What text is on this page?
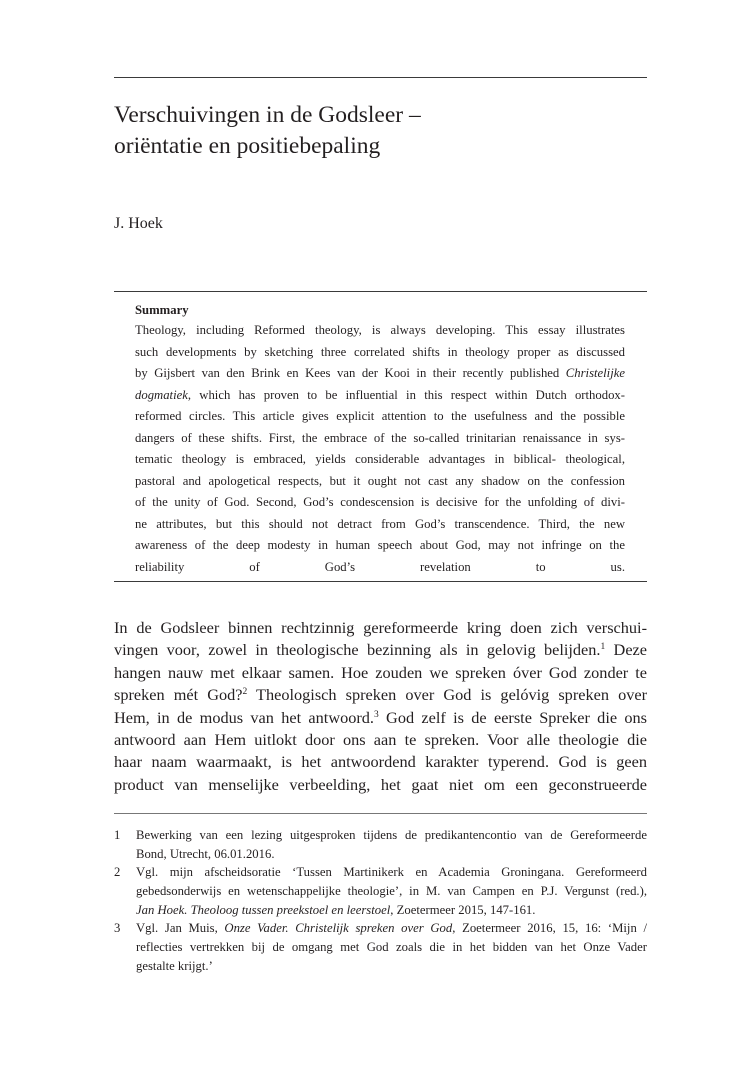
Verschuivingen in de Godsleer –
oriëntatie en positiebepaling
J. Hoek
Summary
Theology, including Reformed theology, is always developing. This essay illustrates
such developments by sketching three correlated shifts in theology proper as discussed
by Gijsbert van den Brink en Kees van der Kooi in their recently published Christelijke
dogmatiek, which has proven to be influential in this respect within Dutch orthodox-
reformed circles. This article gives explicit attention to the usefulness and the possible
dangers of these shifts. First, the embrace of the so-called trinitarian renaissance in sys-
tematic theology is embraced, yields considerable advantages in biblical- theological,
pastoral and apologetical respects, but it ought not cast any shadow on the confession
of the unity of God. Second, God’s condescension is decisive for the unfolding of divi-
ne attributes, but this should not detract from God’s transcendence. Third, the new
awareness of the deep modesty in human speech about God, may not infringe on the
reliability of God’s revelation to us.
In de Godsleer binnen rechtzinnig gereformeerde kring doen zich verschui-
vingen voor, zowel in theologische bezinning als in gelovig belijden.$^1$ Deze
hangen nauw met elkaar samen. Hoe zouden we spreken óver God zonder te
spreken mét God?$^2$ Theologisch spreken over God is gelóvig spreken over
Hem, in de modus van het antwoord.$^3$ God zelf is de eerste Spreker die ons
antwoord aan Hem uitlokt door ons aan te spreken. Voor alle theologie die
haar naam waarmaakt, is het antwoordend karakter typerend. God is geen
product van menselijke verbeelding, het gaat niet om een geconstrueerde
1 Bewerking van een lezing uitgesproken tijdens de predikantencontio van de Gereformeerde
Bond, Utrecht, 06.01.2016.
2 Vgl. mijn afscheidsoratie ‘Tussen Martinikerk en Academia Groningana. Gereformeerd
gebedsonderwijs en wetenschappelijke theologie’, in M. van Campen en P.J. Vergunst (red.),
Jan Hoek. Theoloog tussen preekstoel en leerstoel, Zoetermeer 2015, 147-161.
3 Vgl. Jan Muis, Onze Vader. Christelijk spreken over God, Zoetermeer 2016, 15, 16: ‘Mijn /
reflecties vertrekken bij de omgang met God zoals die in het bidden van het Onze Vader
gestalte krijgt.’
